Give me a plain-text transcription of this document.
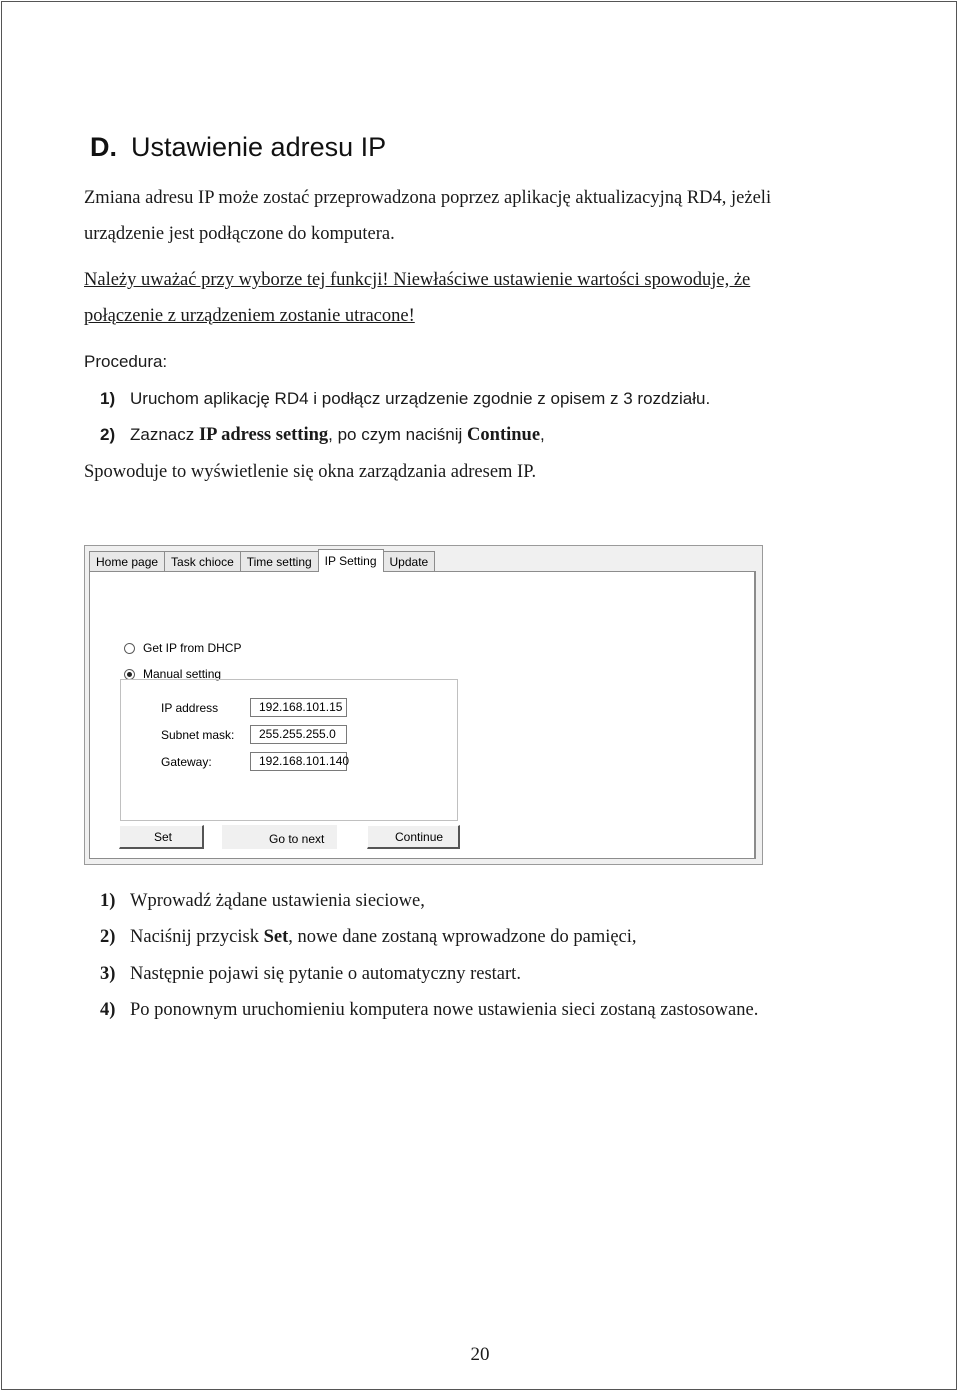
D. Ustawienie adresu IP

Zmiana adresu IP może zostać przeprowadzona poprzez aplikację aktualizacyjną RD4, jeżeli
urządzenie jest podłączone do komputera.

Należy uważać przy wyborze tej funkcji! Niewłaściwe ustawienie wartości spowoduje, że
połączenie z urządzeniem zostanie utracone!

Procedura:

1) Uruchom aplikację RD4 i podłącz urządzenie zgodnie z opisem z 3 rozdziału.

2) Zaznacz IP adress setting, po czym naciśnij Continue,

Spowoduje to wyświetlenie się okna zarządzania adresem IP.

Home page	Task chioce	Time setting	IP Setting	Update
Get IP from DHCP
Manual setting
IP address	192.168.101.15
Subnet mask:	255.255.255.0
Gateway:	192.168.101.140
Set	Go to next	Continue

1) Wprowadź żądane ustawienia sieciowe,

2) Naciśnij przycisk Set, nowe dane zostaną wprowadzone do pamięci,

3) Następnie pojawi się pytanie o automatyczny restart.

4) Po ponownym uruchomieniu komputera nowe ustawienia sieci zostaną zastosowane.

20
